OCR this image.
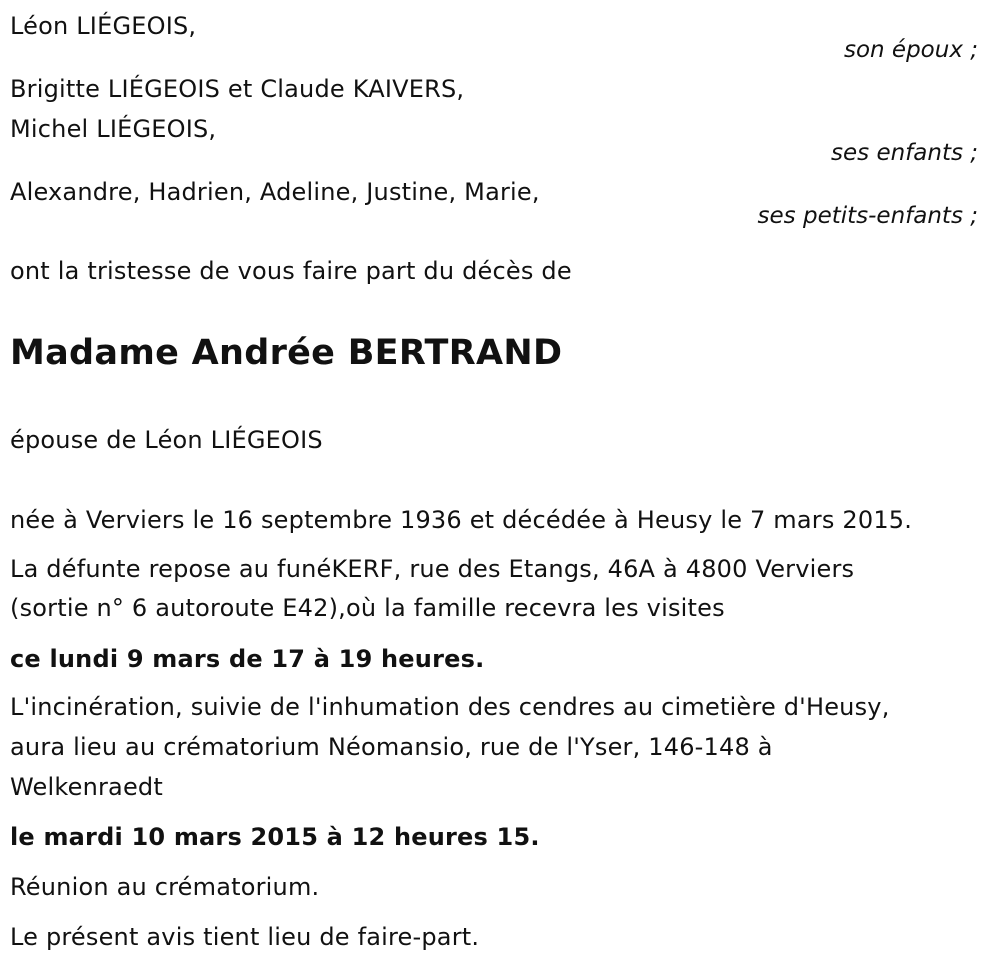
Léon LIÉGEOIS,

son époux ;

Brigitte LIÉGEOIS et Claude KAIVERS,

Michel LIÉGEOIS,

ses enfants ;

Alexandre, Hadrien, Adeline, Justine, Marie,

ses petits-enfants ;

ont la tristesse de vous faire part du décès de

Madame Andrée BERTRAND

épouse de Léon LIÉGEOIS

née à Verviers le 16 septembre 1936 et décédée à Heusy le 7 mars 2015.

La défunte repose au funéKERF, rue des Etangs, 46A à 4800 Verviers

(sortie n° 6 autoroute E42),où la famille recevra les visites

ce lundi 9 mars de 17 à 19 heures.

L'incinération, suivie de l'inhumation des cendres au cimetière d'Heusy,

aura lieu au crématorium Néomansio, rue de l'Yser, 146-148 à

Welkenraedt

le mardi 10 mars 2015 à 12 heures 15.

Réunion au crématorium.

Le présent avis tient lieu de faire-part.
